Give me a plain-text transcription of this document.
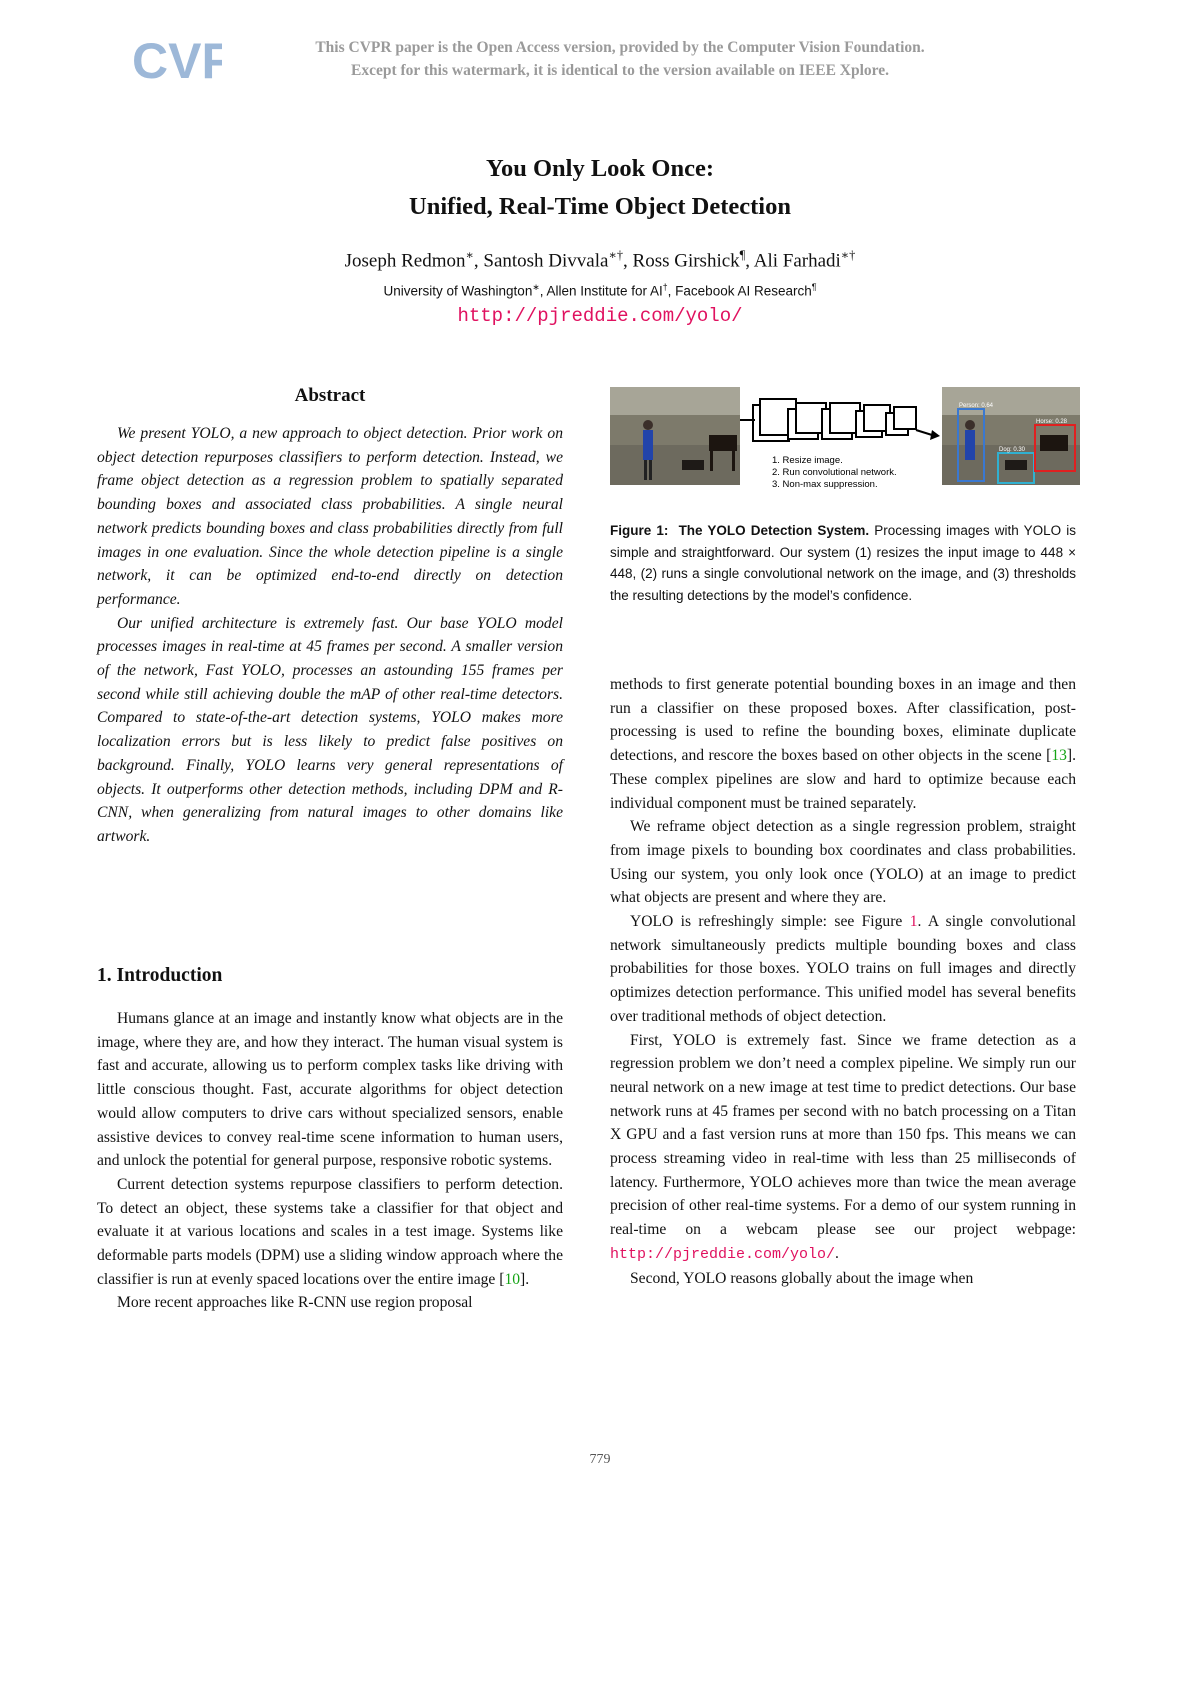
CVF	This CVPR paper is the Open Access version, provided by the Computer Vision Foundation.
Except for this watermark, it is identical to the version available on IEEE Xplore.
You Only Look Once:
Unified, Real-Time Object Detection
Joseph Redmon∗, Santosh Divvala∗†, Ross Girshick¶, Ali Farhadi∗†
University of Washington∗, Allen Institute for AI†, Facebook AI Research¶
http://pjreddie.com/yolo/
Abstract

We present YOLO, a new approach to object detection. Prior work on object detection repurposes classifiers to perform detection. Instead, we frame object detection as a regression problem to spatially separated bounding boxes and associated class probabilities. A single neural network predicts bounding boxes and class probabilities directly from full images in one evaluation. Since the whole detection pipeline is a single network, it can be optimized end-to-end directly on detection performance.

Our unified architecture is extremely fast. Our base YOLO model processes images in real-time at 45 frames per second. A smaller version of the network, Fast YOLO, processes an astounding 155 frames per second while still achieving double the mAP of other real-time detectors. Compared to state-of-the-art detection systems, YOLO makes more localization errors but is less likely to predict false positives on background. Finally, YOLO learns very general representations of objects. It outperforms other detection methods, including DPM and R-CNN, when generalizing from natural images to other domains like artwork.

1. Introduction

Humans glance at an image and instantly know what objects are in the image, where they are, and how they interact. The human visual system is fast and accurate, allowing us to perform complex tasks like driving with little conscious thought. Fast, accurate algorithms for object detection would allow computers to drive cars without specialized sensors, enable assistive devices to convey real-time scene information to human users, and unlock the potential for general purpose, responsive robotic systems.

Current detection systems repurpose classifiers to perform detection. To detect an object, these systems take a classifier for that object and evaluate it at various locations and scales in a test image. Systems like deformable parts models (DPM) use a sliding window approach where the classifier is run at evenly spaced locations over the entire image [10].

More recent approaches like R-CNN use region proposal

Person: 0.64
Horse: 0.28
Dog: 0.30
1. Resize image.
2. Run convolutional network.
3. Non-max suppression.
Figure 1: The YOLO Detection System. Processing images with YOLO is simple and straightforward. Our system (1) resizes the input image to 448 × 448, (2) runs a single convolutional network on the image, and (3) thresholds the resulting detections by the model’s confidence.

methods to first generate potential bounding boxes in an image and then run a classifier on these proposed boxes. After classification, post-processing is used to refine the bounding boxes, eliminate duplicate detections, and rescore the boxes based on other objects in the scene [13]. These complex pipelines are slow and hard to optimize because each individual component must be trained separately.

We reframe object detection as a single regression problem, straight from image pixels to bounding box coordinates and class probabilities. Using our system, you only look once (YOLO) at an image to predict what objects are present and where they are.

YOLO is refreshingly simple: see Figure 1. A single convolutional network simultaneously predicts multiple bounding boxes and class probabilities for those boxes. YOLO trains on full images and directly optimizes detection performance. This unified model has several benefits over traditional methods of object detection.

First, YOLO is extremely fast. Since we frame detection as a regression problem we don’t need a complex pipeline. We simply run our neural network on a new image at test time to predict detections. Our base network runs at 45 frames per second with no batch processing on a Titan X GPU and a fast version runs at more than 150 fps. This means we can process streaming video in real-time with less than 25 milliseconds of latency. Furthermore, YOLO achieves more than twice the mean average precision of other real-time systems. For a demo of our system running in real-time on a webcam please see our project webpage: http://pjreddie.com/yolo/.

Second, YOLO reasons globally about the image when

779
